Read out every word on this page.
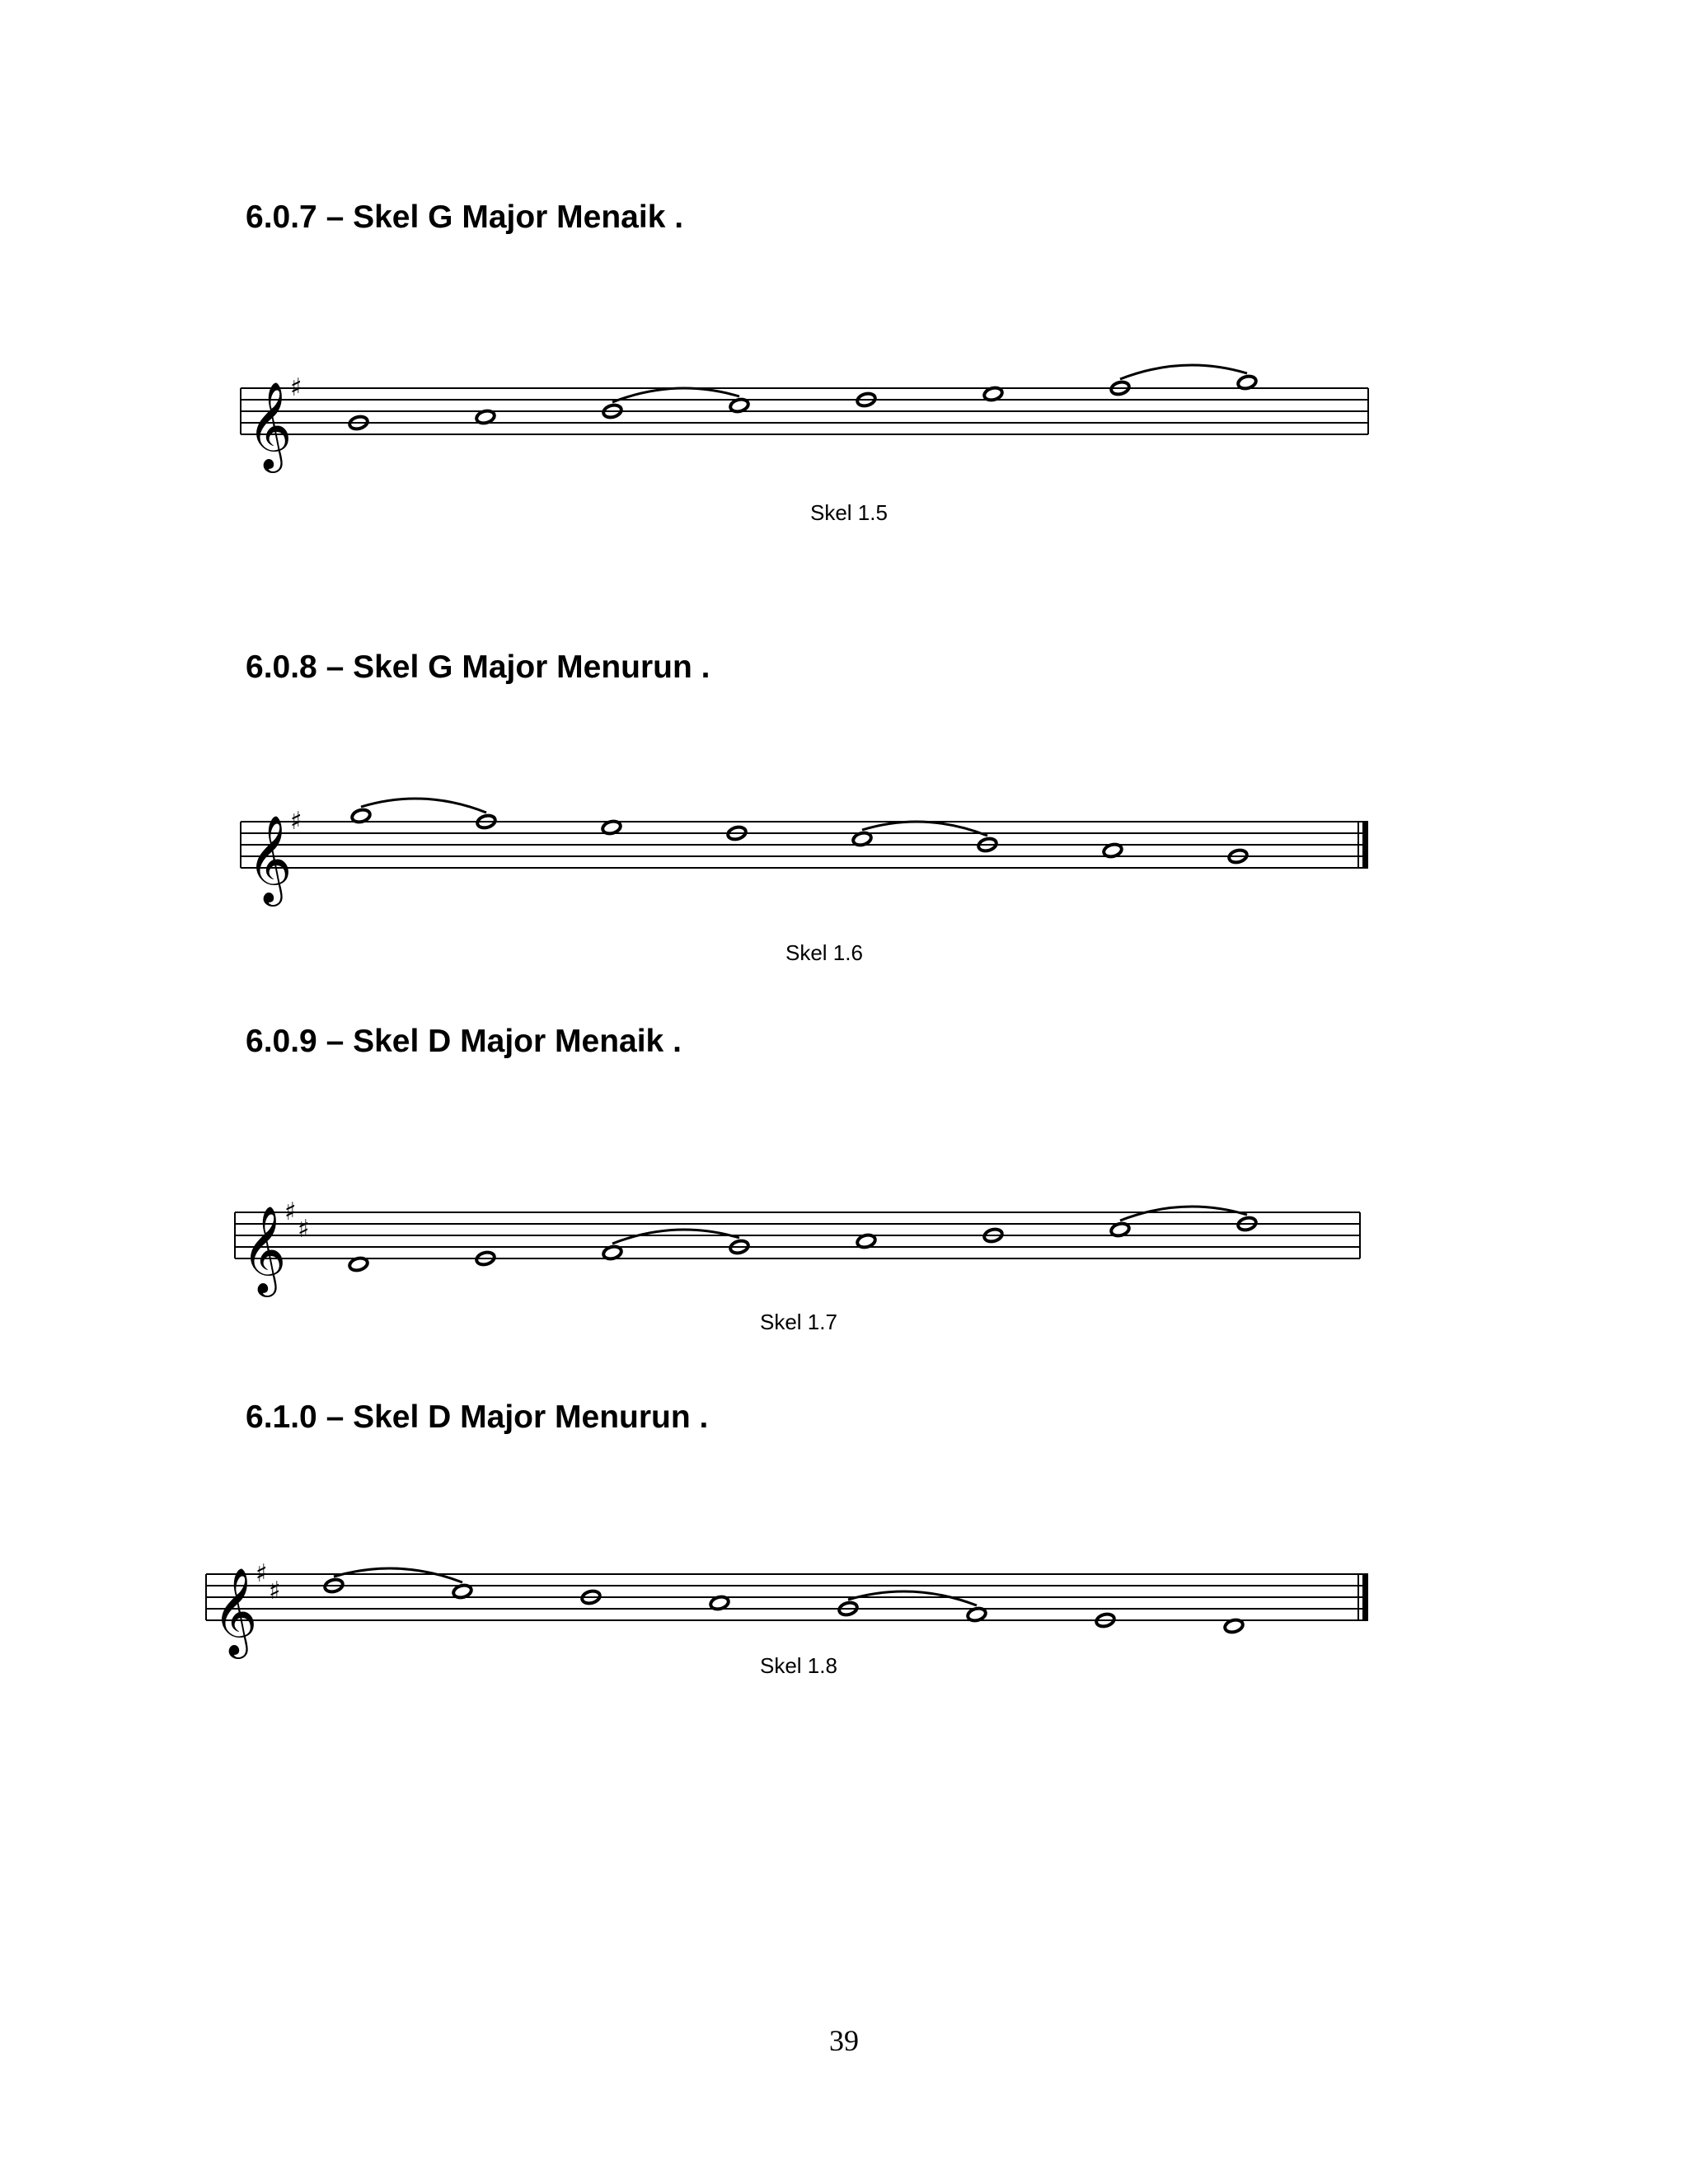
6.0.7 – Skel G Major Menaik .
𝄞
♯

Skel 1.5

6.0.8 – Skel G Major Menurun .
𝄞
♯

Skel 1.6

6.0.9 – Skel D Major Menaik .
𝄞
♯
♯

Skel 1.7

6.1.0 – Skel D Major Menurun .
𝄞
♯
♯

Skel 1.8

39
